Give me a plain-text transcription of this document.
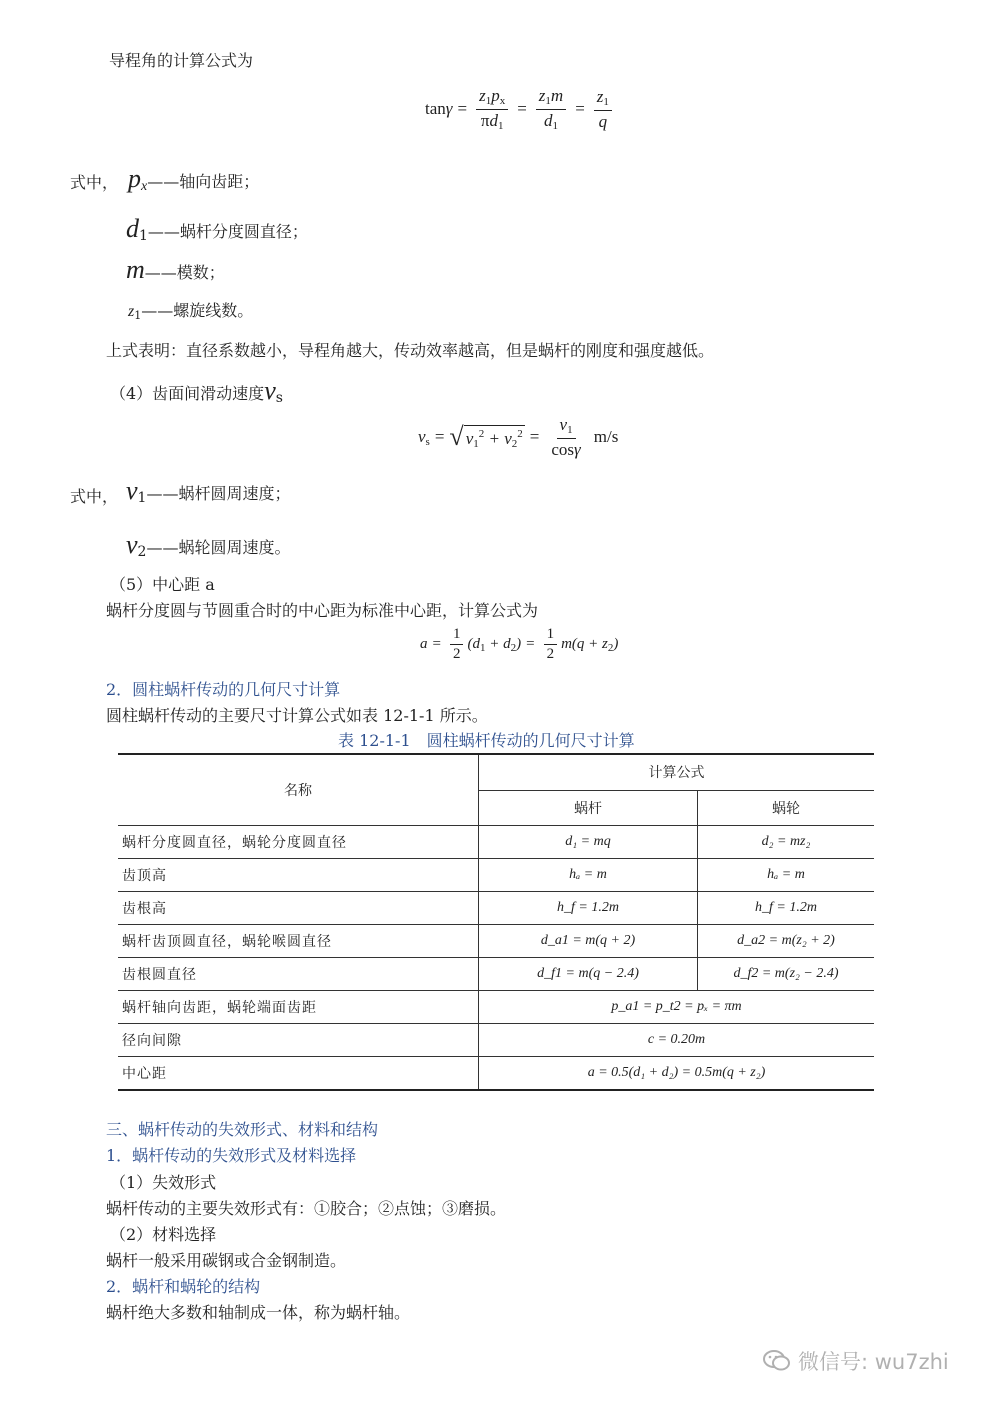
导程角的计算公式为
$\tan \gamma = \frac{z_1p_x}{\pi d_1} = \frac{z_1m}{d_1} = \frac{z_1}{q}$
式中， px——轴向齿距；
d1——蜗杆分度圆直径；
m——模数；
$z_1——$螺旋线数。
上式表明：直径系数越小，导程角越大，传动效率越高，但是蜗杆的刚度和强度越低。
（4）齿面间滑动速度vs
$v_s$ = √ $v_1^2 + v_2^2 = \frac{v_1}{\cos\gamma} m/s$
式中， v1——蜗杆圆周速度；
v2——蜗轮圆周速度。
（5）中心距 a
蜗杆分度圆与节圆重合时的中心距为标准中心距，计算公式为
$a = \frac{1}{2} (d_1 + d_2) = \frac{1}{2} m(q + z_2)$
2．圆柱蜗杆传动的几何尺寸计算
圆柱蜗杆传动的主要尺寸计算公式如表 12-1-1 所示。
表 12-1-1　圆柱蜗杆传动的几何尺寸计算
名称	计算公式	
	蜗杆	蜗轮
蜗杆分度圆直径，蜗轮分度圆直径	d₁ = mq	d₂ = mz₂
齿顶高	hₐ = m	hₐ = m
齿根高	h_f = 1.2m	h_f = 1.2m
蜗杆齿顶圆直径，蜗轮喉圆直径	d_a1 = m(q + 2)	d_a2 = m(z₂ + 2)
齿根圆直径	d_f1 = m(q − 2.4)	d_f2 = m(z₂ − 2.4)
蜗杆轴向齿距，蜗轮端面齿距	p_a1 = p_t2 = pₓ = πm	
径向间隙	c = 0.20m	
中心距	a = 0.5(d₁ + d₂) = 0.5m(q + z₂)	
三、蜗杆传动的失效形式、材料和结构
1．蜗杆传动的失效形式及材料选择
（1）失效形式
蜗杆传动的主要失效形式有：①胶合；②点蚀；③磨损。
（2）材料选择
蜗杆一般采用碳钢或合金钢制造。
2．蜗杆和蜗轮的结构
蜗杆绝大多数和轴制成一体，称为蜗杆轴。
微信号: wu7zhi
